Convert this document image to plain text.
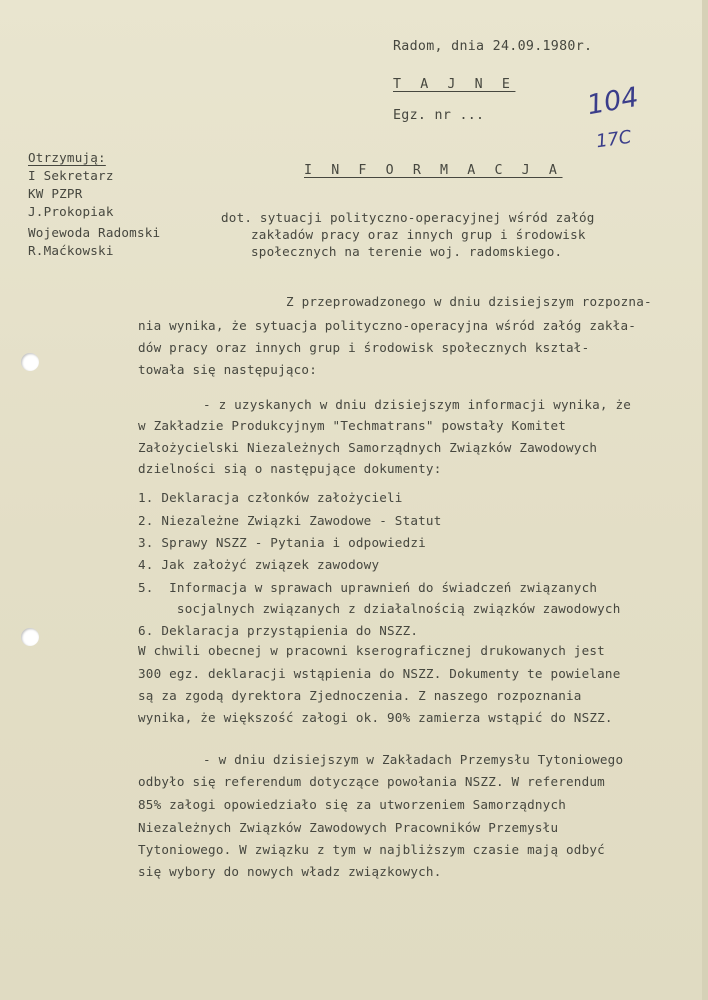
Radom, dnia 24.09.1980r.
T A J N E
Egz. nr ...	104
17C
Otrzymują:
I Sekretarz
KW PZPR
J.Prokopiak
Wojewoda Radomski
R.Maćkowski
I N F O R M A C J A
dot. sytuacji polityczno-operacyjnej wśród załóg
zakładów pracy oraz innych grup i środowisk
społecznych na terenie woj. radomskiego.
Z przeprowadzonego w dniu dzisiejszym rozpozna-
nia wynika, że sytuacja polityczno-operacyjna wśród załóg zakła-
dów pracy oraz innych grup i środowisk społecznych kształ-
towała się następująco:
- z uzyskanych w dniu dzisiejszym informacji wynika, że
w Zakładzie Produkcyjnym "Techmatrans" powstały Komitet
Założycielski Niezależnych Samorządnych Związków Zawodowych
dzielności sią o następujące dokumenty:
1. Deklaracja członków założycieli
2. Niezależne Związki Zawodowe - Statut
3. Sprawy NSZZ - Pytania i odpowiedzi
4. Jak założyć związek zawodowy
5.  Informacja w sprawach uprawnień do świadczeń związanych
socjalnych związanych z działalnością związków zawodowych
6. Deklaracja przystąpienia do NSZZ.
W chwili obecnej w pracowni kserograficznej drukowanych jest
300 egz. deklaracji wstąpienia do NSZZ. Dokumenty te powielane
są za zgodą dyrektora Zjednoczenia. Z naszego rozpoznania
wynika, że większość załogi ok. 90% zamierza wstąpić do NSZZ.
- w dniu dzisiejszym w Zakładach Przemysłu Tytoniowego
odbyło się referendum dotyczące powołania NSZZ. W referendum
85% załogi opowiedziało się za utworzeniem Samorządnych
Niezależnych Związków Zawodowych Pracowników Przemysłu
Tytoniowego. W związku z tym w najbliższym czasie mają odbyć
się wybory do nowych władz związkowych.
